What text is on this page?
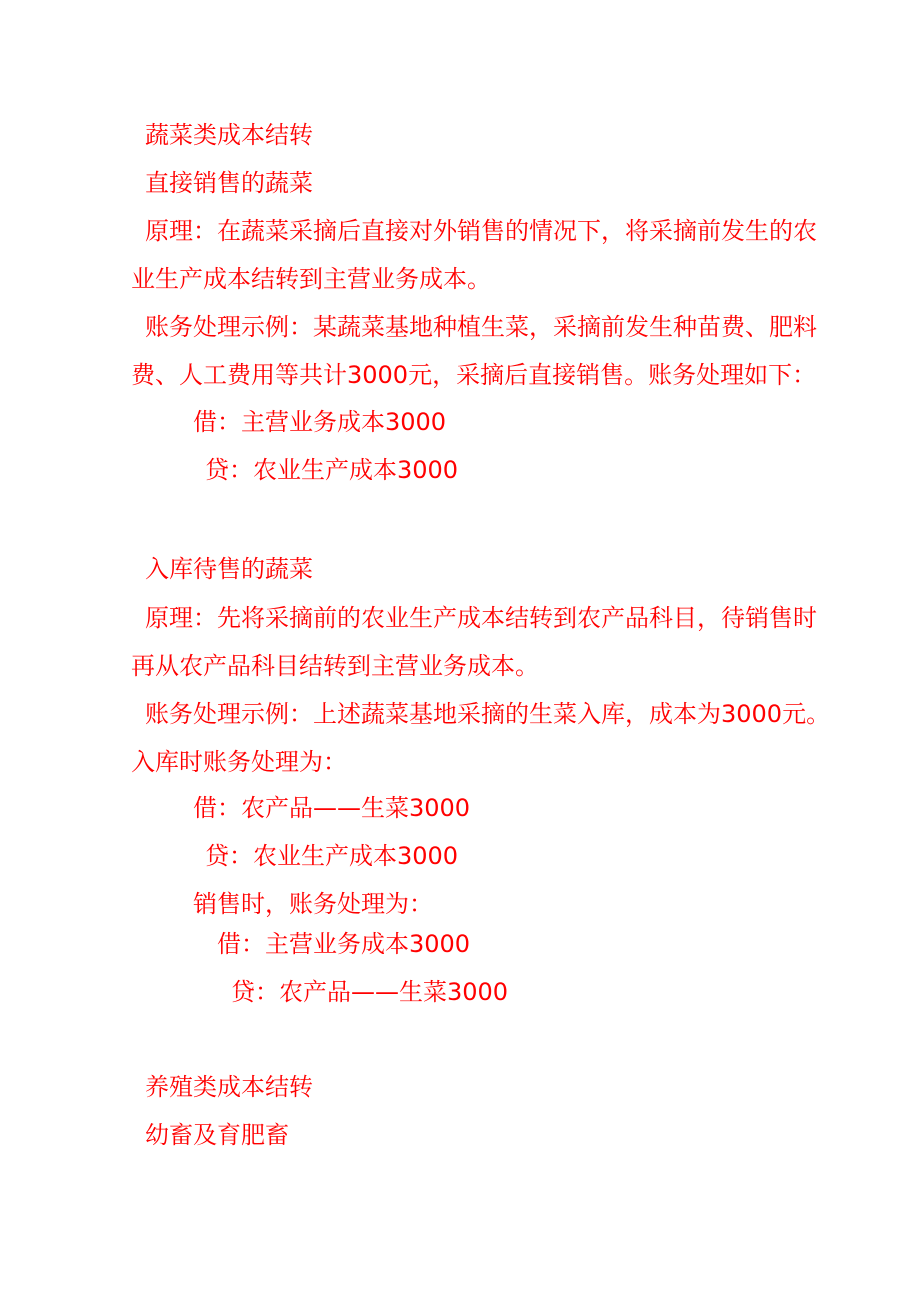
蔬菜类成本结转
直接销售的蔬菜
原理：在蔬菜采摘后直接对外销售的情况下，将采摘前发生的农
业生产成本结转到主营业务成本。
账务处理示例：某蔬菜基地种植生菜，采摘前发生种苗费、肥料
费、人工费用等共计3000元，采摘后直接销售。账务处理如下：
借：主营业务成本3000
贷：农业生产成本3000
入库待售的蔬菜
原理：先将采摘前的农业生产成本结转到农产品科目，待销售时
再从农产品科目结转到主营业务成本。
账务处理示例：上述蔬菜基地采摘的生菜入库，成本为3000元。
入库时账务处理为：
借：农产品——生菜3000
贷：农业生产成本3000
销售时，账务处理为：
借：主营业务成本3000
贷：农产品——生菜3000
养殖类成本结转
幼畜及育肥畜
